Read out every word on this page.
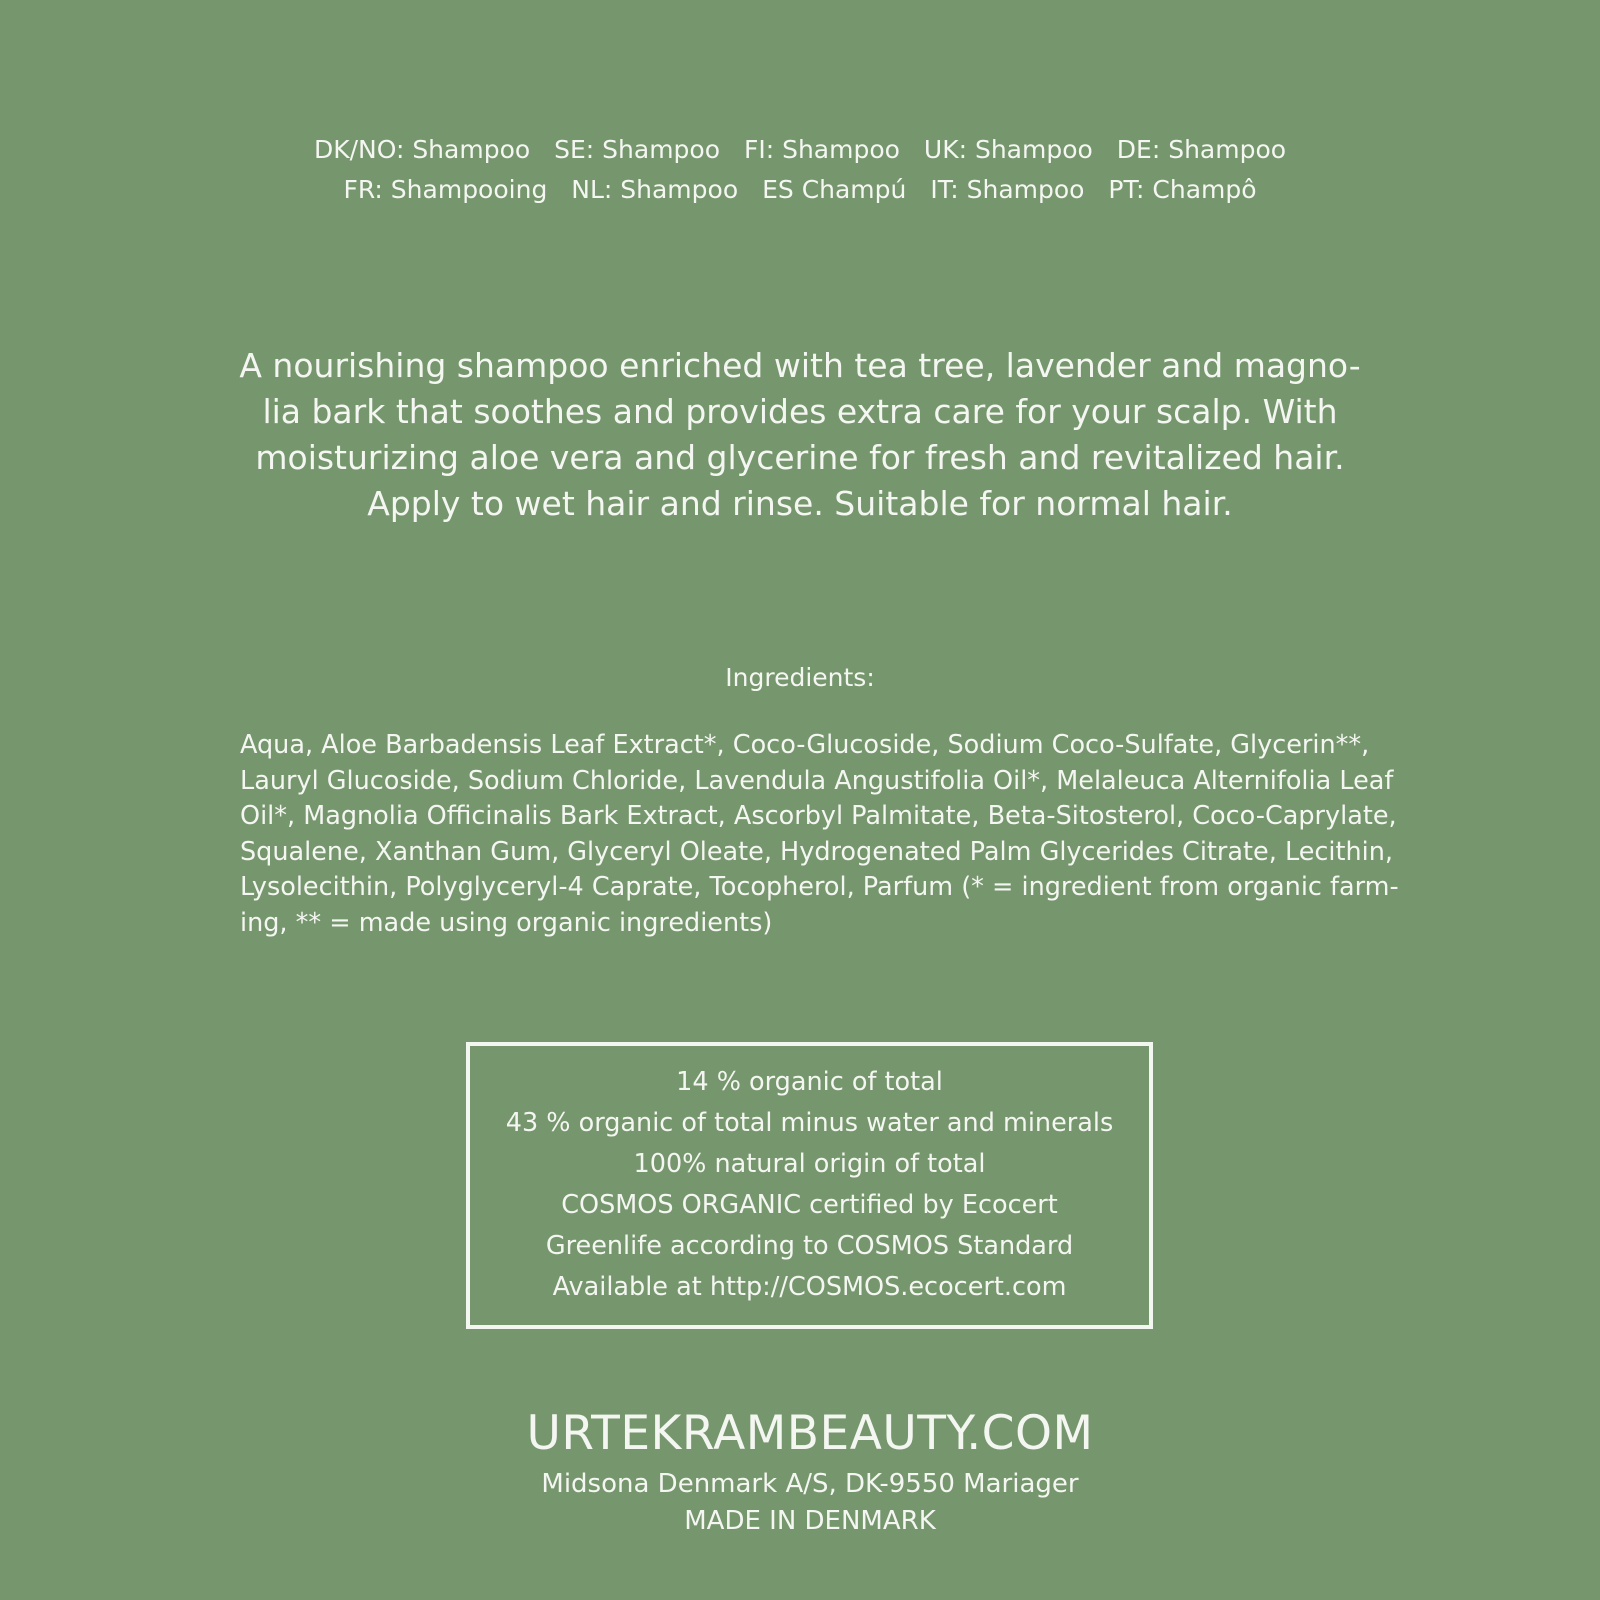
DK/NO: Shampoo SE: Shampoo FI: Shampoo UK: Shampoo DE: Shampoo
FR: Shampooing NL: Shampoo ES Champú IT: Shampoo PT: Champô
A nourishing shampoo enriched with tea tree, lavender and magno-
lia bark that soothes and provides extra care for your scalp. With
moisturizing aloe vera and glycerine for fresh and revitalized hair.
Apply to wet hair and rinse. Suitable for normal hair.
Ingredients:
Aqua, Aloe Barbadensis Leaf Extract*, Coco-Glucoside, Sodium Coco-Sulfate, Glycerin**,
Lauryl Glucoside, Sodium Chloride, Lavendula Angustifolia Oil*, Melaleuca Alternifolia Leaf
Oil*, Magnolia Officinalis Bark Extract, Ascorbyl Palmitate, Beta-Sitosterol, Coco-Caprylate,
Squalene, Xanthan Gum, Glyceryl Oleate, Hydrogenated Palm Glycerides Citrate, Lecithin,
Lysolecithin, Polyglyceryl-4 Caprate, Tocopherol, Parfum (* = ingredient from organic farm-
ing, ** = made using organic ingredients)
14 % organic of total
43 % organic of total minus water and minerals
100% natural origin of total
COSMOS ORGANIC certified by Ecocert
Greenlife according to COSMOS Standard
Available at http://COSMOS.ecocert.com
URTEKRAMBEAUTY.COM
Midsona Denmark A/S, DK-9550 Mariager
MADE IN DENMARK
